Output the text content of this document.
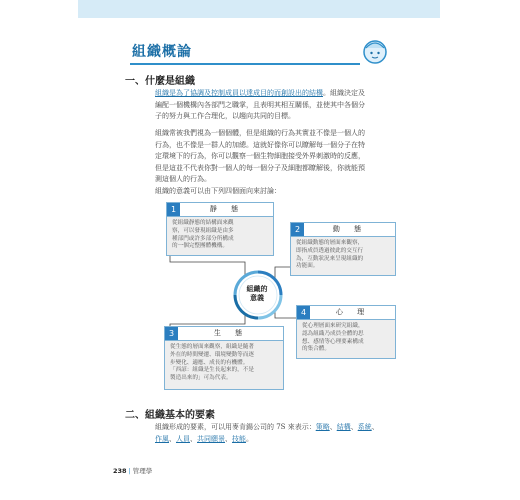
組織概論
一、什麼是組織
組織是為了協調及控制成員以達成目的而創設出的結構。組織決定及
編配一個機構內各部門之職掌，且表明其相互關係，並使其中各個分
子的努力與工作合理化，以趨向共同的目標。
組織常被我們視為一個個體，但是組織的行為其實並不像是一個人的
行為，也不像是一群人的加總。這就好像你可以瞭解每一個分子在特
定環境下的行為，你可以觀察一個生物細胞接受外界刺激時的反應，
但是這並不代表你對一個人的每一個分子及細胞都瞭解後，你就能預
測這個人的行為。
組織的意義可以由下列四個面向來討論：
組織的
意義
1	靜 態
從組織靜態的結構面來觀
察，可以發現組織是由多
種部門或許多部分所構成
的一個完整團體機構。
2	動 態
從組織動態的層面來觀察，
即指成員透過彼此的交互行
為，互動狀況來呈現組織的
功能面。
3	生 態
從生態的層面來觀察，組織是隨著
外在的時間變遷、環境變動等而逐
步變化、適應、成長的有機體。
「西諺：組織是生長起來的，不是
製造出來的」可為代表。
4	心 理
從心理層面來研究組織，
認為組織乃成員全體的思
想、感情等心理要素構成
的集合體。
二、組織基本的要素
組織形成的要素，可以用麥肯錫公司的 7S 來表示：策略、結構、系統、
作風、人員、共同願景、技能。
238 | 管理學
